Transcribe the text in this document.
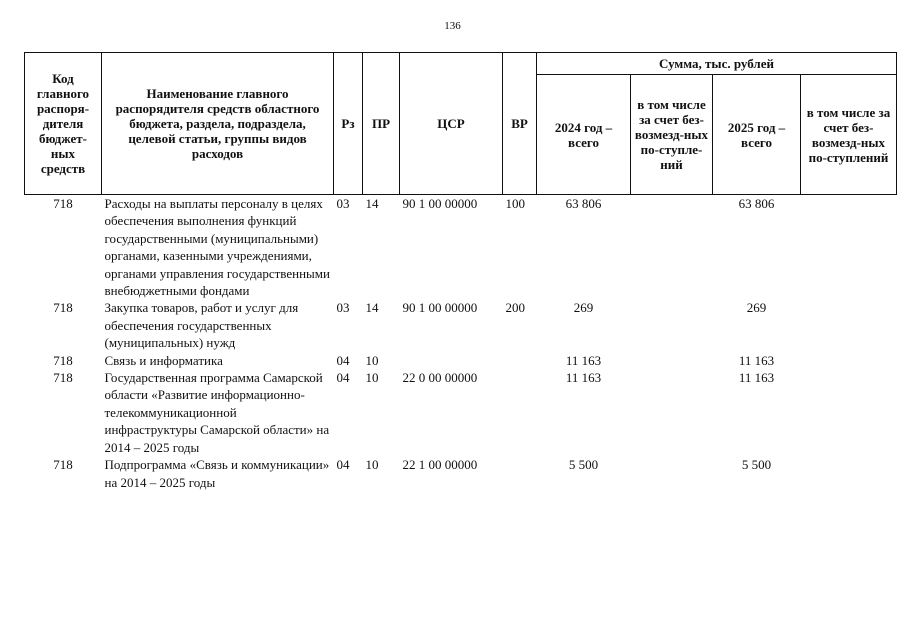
136
Код главного распоря-дителя бюджет-ных средств	Наименование главного распорядителя средств областного бюджета, раздела, подраздела, целевой статьи, группы видов расходов	Рз	ПР	ЦСР	ВР	Сумма, тыс. рублей			
						2024 год – всего	в том числе за счет без-возмезд-ных по-ступле-ний	2025 год – всего	в том числе за счет без-возмезд-ных по-ступлений
718	Расходы на выплаты персоналу в целях обеспечения выполнения функций государственными (муниципальными) органами, казенными учреждениями, органами управления государственными внебюджетными фондами	03	14	90 1 00 00000	100	63 806		63 806	
718	Закупка товаров, работ и услуг для обеспечения государственных (муниципальных) нужд	03	14	90 1 00 00000	200	269		269	
718	Связь и информатика	04	10			11 163		11 163	
718	Государственная программа Самарской области «Развитие информационно-телекоммуникационной инфраструктуры Самарской области» на 2014 – 2025 годы	04	10	22 0 00 00000		11 163		11 163	
718	Подпрограмма «Связь и коммуникации» на 2014 – 2025 годы	04	10	22 1 00 00000		5 500		5 500	
